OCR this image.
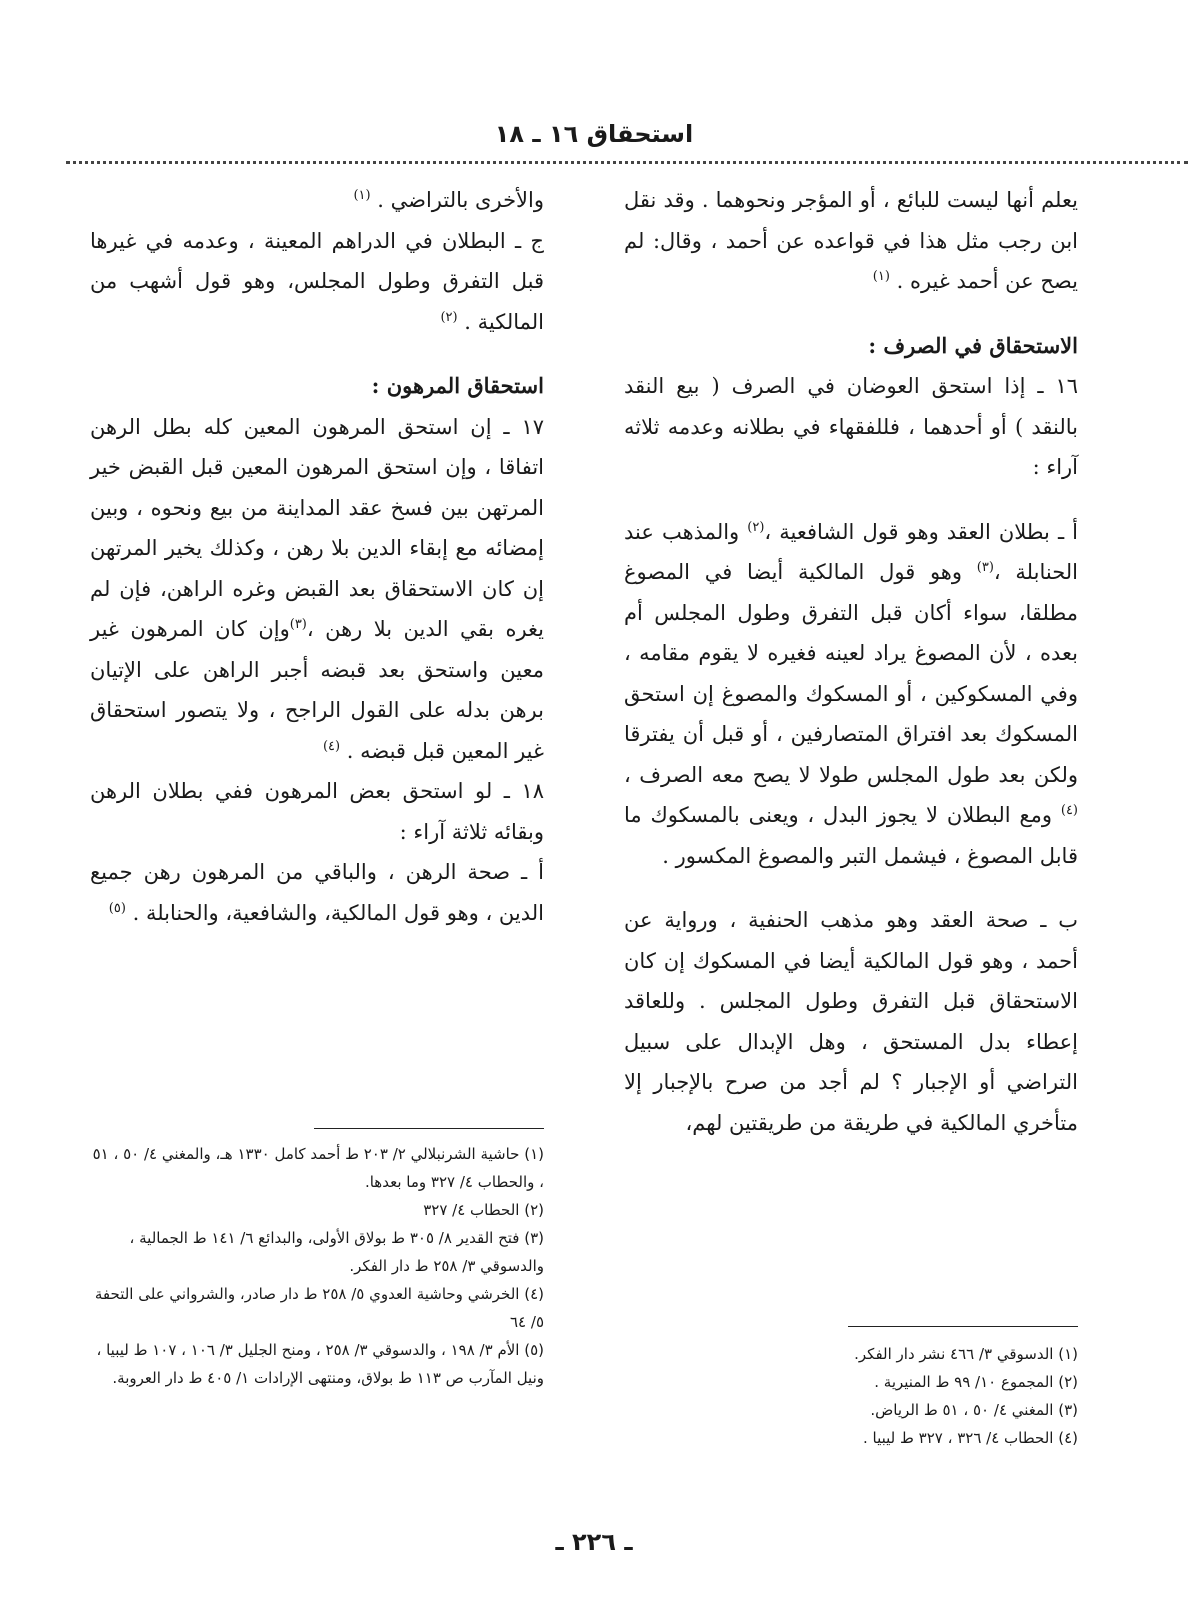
استحقاق ١٦ ـ ١٨

يعلم أنها ليست للبائع ، أو المؤجر ونحوهما . وقد نقل ابن رجب مثل هذا في قواعده عن أحمد ، وقال: لم يصح عن أحمد غيره . $^{(١)}$

الاستحقاق في الصرف :

١٦ ـ إذا استحق العوضان في الصرف ( بيع النقد بالنقد ) أو أحدهما ، فللفقهاء في بطلانه وعدمه ثلاثه آراء :

أ ـ بطلان العقد وهو قول الشافعية ،$^{(٢)}$ والمذهب عند الحنابلة ،$^{(٣)}$ وهو قول المالكية أيضا في المصوغ مطلقا، سواء أكان قبل التفرق وطول المجلس أم بعده ، لأن المصوغ يراد لعينه فغيره لا يقوم مقامه ، وفي المسكوكين ، أو المسكوك والمصوغ إن استحق المسكوك بعد افتراق المتصارفين ، أو قبل أن يفترقا ولكن بعد طول المجلس طولا لا يصح معه الصرف ،$^{(٤)}$ ومع البطلان لا يجوز البدل ، ويعنى بالمسكوك ما قابل المصوغ ، فيشمل التبر والمصوغ المكسور .

ب ـ صحة العقد وهو مذهب الحنفية ، ورواية عن أحمد ، وهو قول المالكية أيضا في المسكوك إن كان الاستحقاق قبل التفرق وطول المجلس . وللعاقد إعطاء بدل المستحق ، وهل الإبدال على سبيل التراضي أو الإجبار ؟ لم أجد من صرح بالإجبار إلا متأخري المالكية في طريقة من طريقتين لهم،

والأخرى بالتراضي . $^{(١)}$

ج ـ البطلان في الدراهم المعينة ، وعدمه في غيرها قبل التفرق وطول المجلس، وهو قول أشهب من المالكية . $^{(٢)}$

استحقاق المرهون :

١٧ ـ إن استحق المرهون المعين كله بطل الرهن اتفاقا ، وإن استحق المرهون المعين قبل القبض خير المرتهن بين فسخ عقد المداينة من بيع ونحوه ، وبين إمضائه مع إبقاء الدين بلا رهن ، وكذلك يخير المرتهن إن كان الاستحقاق بعد القبض وغره الراهن، فإن لم يغره بقي الدين بلا رهن ،$^{(٣)}$وإن كان المرهون غير معين واستحق بعد قبضه أجبر الراهن على الإتيان برهن بدله على القول الراجح ، ولا يتصور استحقاق غير المعين قبل قبضه . $^{(٤)}$

١٨ ـ لو استحق بعض المرهون ففي بطلان الرهن وبقائه ثلاثة آراء :

أ ـ صحة الرهن ، والباقي من المرهون رهن جميع الدين ، وهو قول المالكية، والشافعية، والحنابلة . $^{(٥)}$

(١) حاشية الشرنبلالي ٢/ ٢٠٣ ط أحمد كامل ١٣٣٠ هـ، والمغني ٤/ ٥٠ ، ٥١ ، والحطاب ٤/ ٣٢٧ وما بعدها.

(٢) الحطاب ٤/ ٣٢٧

(٣) فتح القدير ٨/ ٣٠٥ ط بولاق الأولى، والبدائع ٦/ ١٤١ ط الجمالية ، والدسوقي ٣/ ٢٥٨ ط دار الفكر.

(٤) الخرشي وحاشية العدوي ٥/ ٢٥٨ ط دار صادر، والشرواني على التحفة ٥/ ٦٤

(٥) الأم ٣/ ١٩٨ ، والدسوقي ٣/ ٢٥٨ ، ومنح الجليل ٣/ ١٠٦ ، ١٠٧ ط ليبيا ، ونيل المآرب ص ١١٣ ط بولاق، ومنتهى الإرادات ١/ ٤٠٥ ط دار العروبة.

(١) الدسوقي ٣/ ٤٦٦ نشر دار الفكر.

(٢) المجموع ١٠/ ٩٩ ط المنيرية .

(٣) المغني ٤/ ٥٠ ، ٥١ ط الرياض.

(٤) الحطاب ٤/ ٣٢٦ ، ٣٢٧ ط ليبيا .

ـ ٢٢٦ ـ
